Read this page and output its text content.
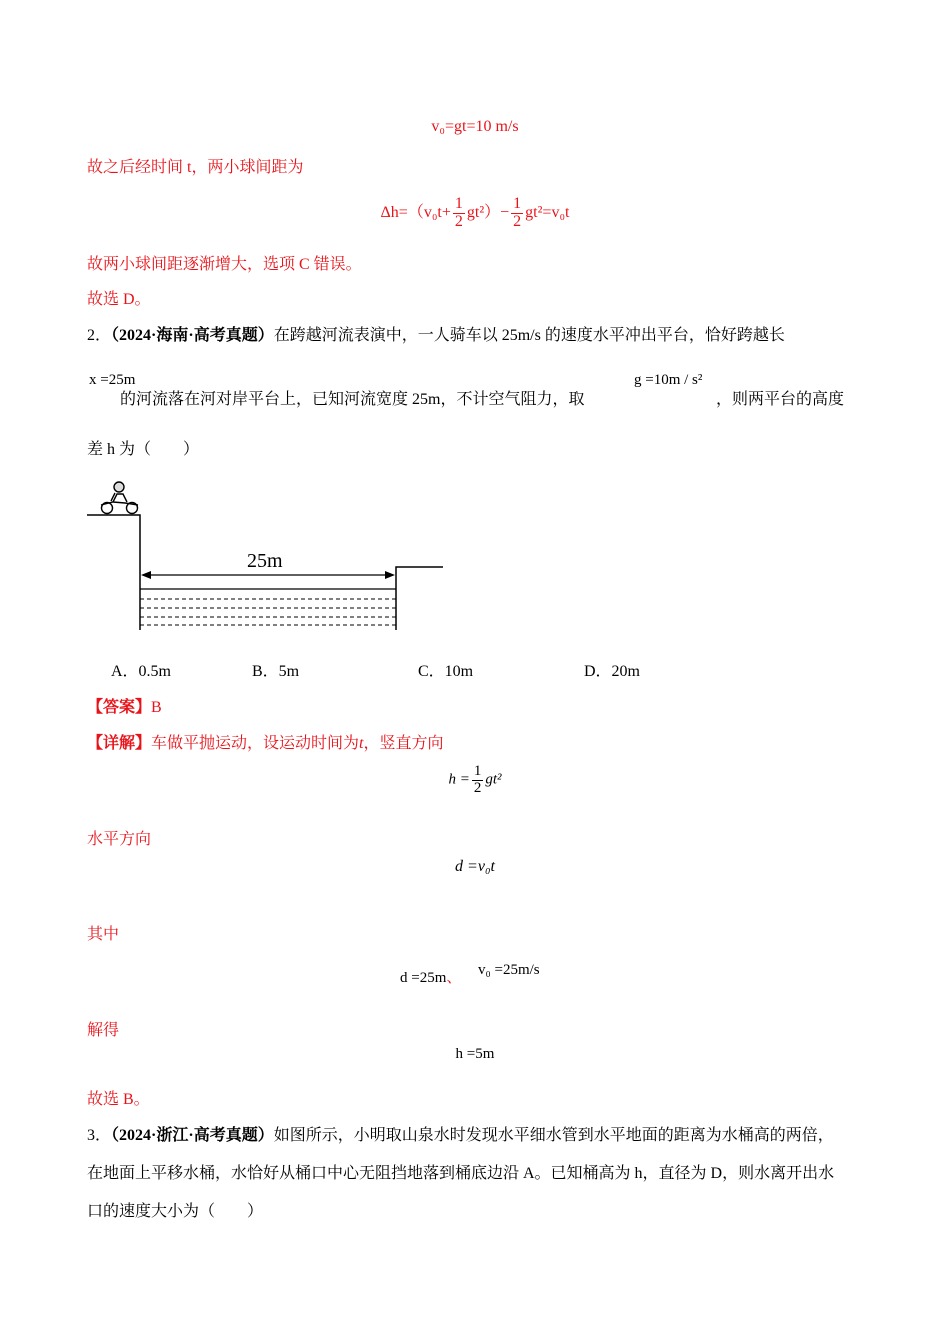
v₀=gt=10 m/s
故之后经时间 t，两小球间距为
$\Delta h=(v_0t+ \frac{1}{2} gt^2)- \frac{1}{2} gt^2=v_0t$
故两小球间距逐渐增大，选项 C 错误。
故选 D。
2．（2024·海南·高考真题）在跨越河流表演中，一人骑车以 25m/s 的速度水平冲出平台，恰好跨越长
x =25m
的河流落在河对岸平台上，已知河流宽度 25m，不计空气阻力，取
g =10m / s²
，则两平台的高度
差 h 为（　　）
25m
A．0.5m	B．5m	C．10m	D．20m
【答案】B
【详解】车做平抛运动，设运动时间为t，竖直方向
$h = \frac{1}{2} gt^2$
水平方向
d =v₀t
其中
d =25m、 v₀ =25m/s
解得
h =5m
故选 B。
3．（2024·浙江·高考真题）如图所示，小明取山泉水时发现水平细水管到水平地面的距离为水桶高的两倍，
在地面上平移水桶，水恰好从桶口中心无阻挡地落到桶底边沿 A。已知桶高为 h，直径为 D，则水离开出水
口的速度大小为（　　）
